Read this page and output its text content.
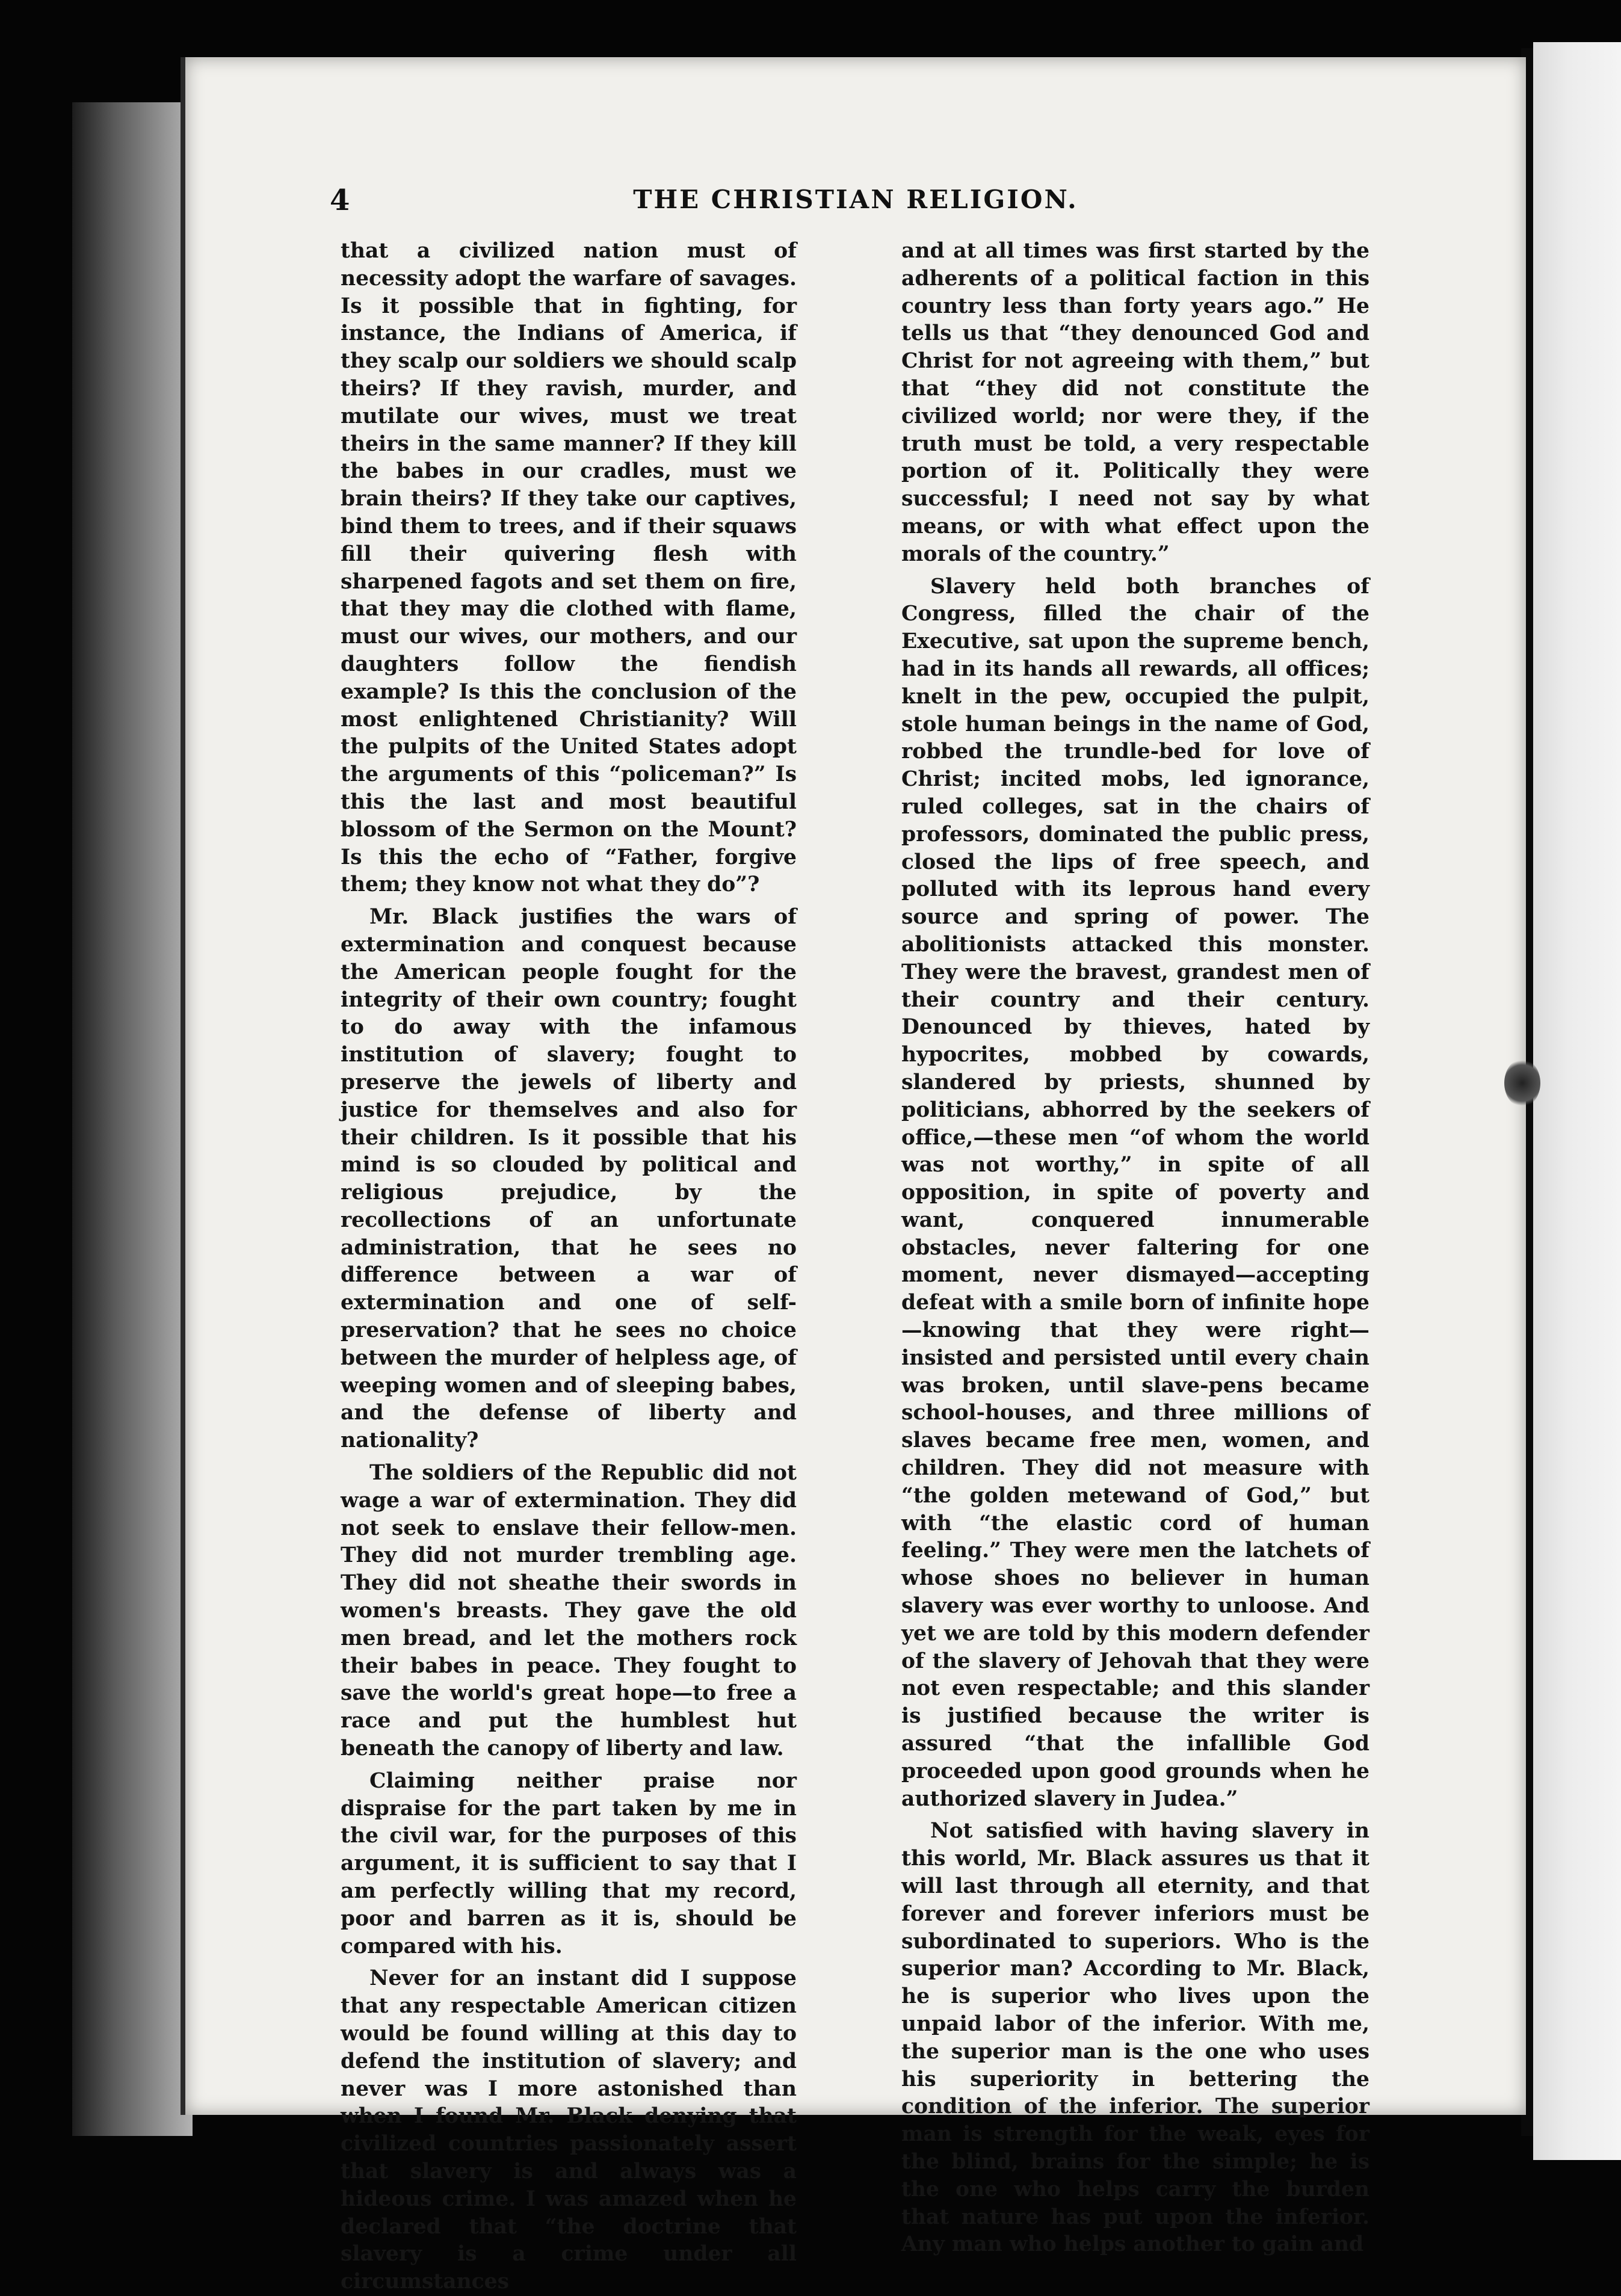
4	THE CHRISTIAN RELIGION.

that a civilized nation must of necessity adopt the warfare of savages. Is it possible that in fighting, for instance, the Indians of America, if they scalp our soldiers we should scalp theirs? If they ravish, murder, and mutilate our wives, must we treat theirs in the same manner? If they kill the babes in our cradles, must we brain theirs? If they take our captives, bind them to trees, and if their squaws fill their quivering flesh with sharpened fagots and set them on fire, that they may die clothed with flame, must our wives, our mothers, and our daughters follow the fiendish example? Is this the conclusion of the most enlightened Christianity? Will the pulpits of the United States adopt the arguments of this “policeman?” Is this the last and most beautiful blossom of the Sermon on the Mount? Is this the echo of “Father, forgive them; they know not what they do”?

Mr. Black justifies the wars of extermination and conquest because the American people fought for the integrity of their own country; fought to do away with the infamous institution of slavery; fought to preserve the jewels of liberty and justice for themselves and also for their children. Is it possible that his mind is so clouded by political and religious prejudice, by the recollections of an unfortunate administration, that he sees no difference between a war of extermination and one of self-preservation? that he sees no choice between the murder of helpless age, of weeping women and of sleeping babes, and the defense of liberty and nationality?

The soldiers of the Republic did not wage a war of extermination. They did not seek to enslave their fellow-men. They did not murder trembling age. They did not sheathe their swords in women's breasts. They gave the old men bread, and let the mothers rock their babes in peace. They fought to save the world's great hope—to free a race and put the humblest hut beneath the canopy of liberty and law.

Claiming neither praise nor dispraise for the part taken by me in the civil war, for the purposes of this argument, it is sufficient to say that I am perfectly willing that my record, poor and barren as it is, should be compared with his.

Never for an instant did I suppose that any respectable American citizen would be found willing at this day to defend the institution of slavery; and never was I more astonished than when I found Mr. Black denying that civilized countries passionately assert that slavery is and always was a hideous crime. I was amazed when he declared that “the doctrine that slavery is a crime under all circumstances

and at all times was first started by the adherents of a political faction in this country less than forty years ago.” He tells us that “they denounced God and Christ for not agreeing with them,” but that “they did not constitute the civilized world; nor were they, if the truth must be told, a very respectable portion of it. Politically they were successful; I need not say by what means, or with what effect upon the morals of the country.”

Slavery held both branches of Congress, filled the chair of the Executive, sat upon the supreme bench, had in its hands all rewards, all offices; knelt in the pew, occupied the pulpit, stole human beings in the name of God, robbed the trundle-bed for love of Christ; incited mobs, led ignorance, ruled colleges, sat in the chairs of professors, dominated the public press, closed the lips of free speech, and polluted with its leprous hand every source and spring of power. The abolitionists attacked this monster. They were the bravest, grandest men of their country and their century. Denounced by thieves, hated by hypocrites, mobbed by cowards, slandered by priests, shunned by politicians, abhorred by the seekers of office,—these men “of whom the world was not worthy,” in spite of all opposition, in spite of poverty and want, conquered innumerable obstacles, never faltering for one moment, never dismayed—accepting defeat with a smile born of infinite hope—knowing that they were right—insisted and persisted until every chain was broken, until slave-pens became school-houses, and three millions of slaves became free men, women, and children. They did not measure with “the golden metewand of God,” but with “the elastic cord of human feeling.” They were men the latchets of whose shoes no believer in human slavery was ever worthy to unloose. And yet we are told by this modern defender of the slavery of Jehovah that they were not even respectable; and this slander is justified because the writer is assured “that the infallible God proceeded upon good grounds when he authorized slavery in Judea.”

Not satisfied with having slavery in this world, Mr. Black assures us that it will last through all eternity, and that forever and forever inferiors must be subordinated to superiors. Who is the superior man? According to Mr. Black, he is superior who lives upon the unpaid labor of the inferior. With me, the superior man is the one who uses his superiority in bettering the condition of the inferior. The superior man is strength for the weak, eyes for the blind, brains for the simple; he is the one who helps carry the burden that nature has put upon the inferior. Any man who helps another to gain and
